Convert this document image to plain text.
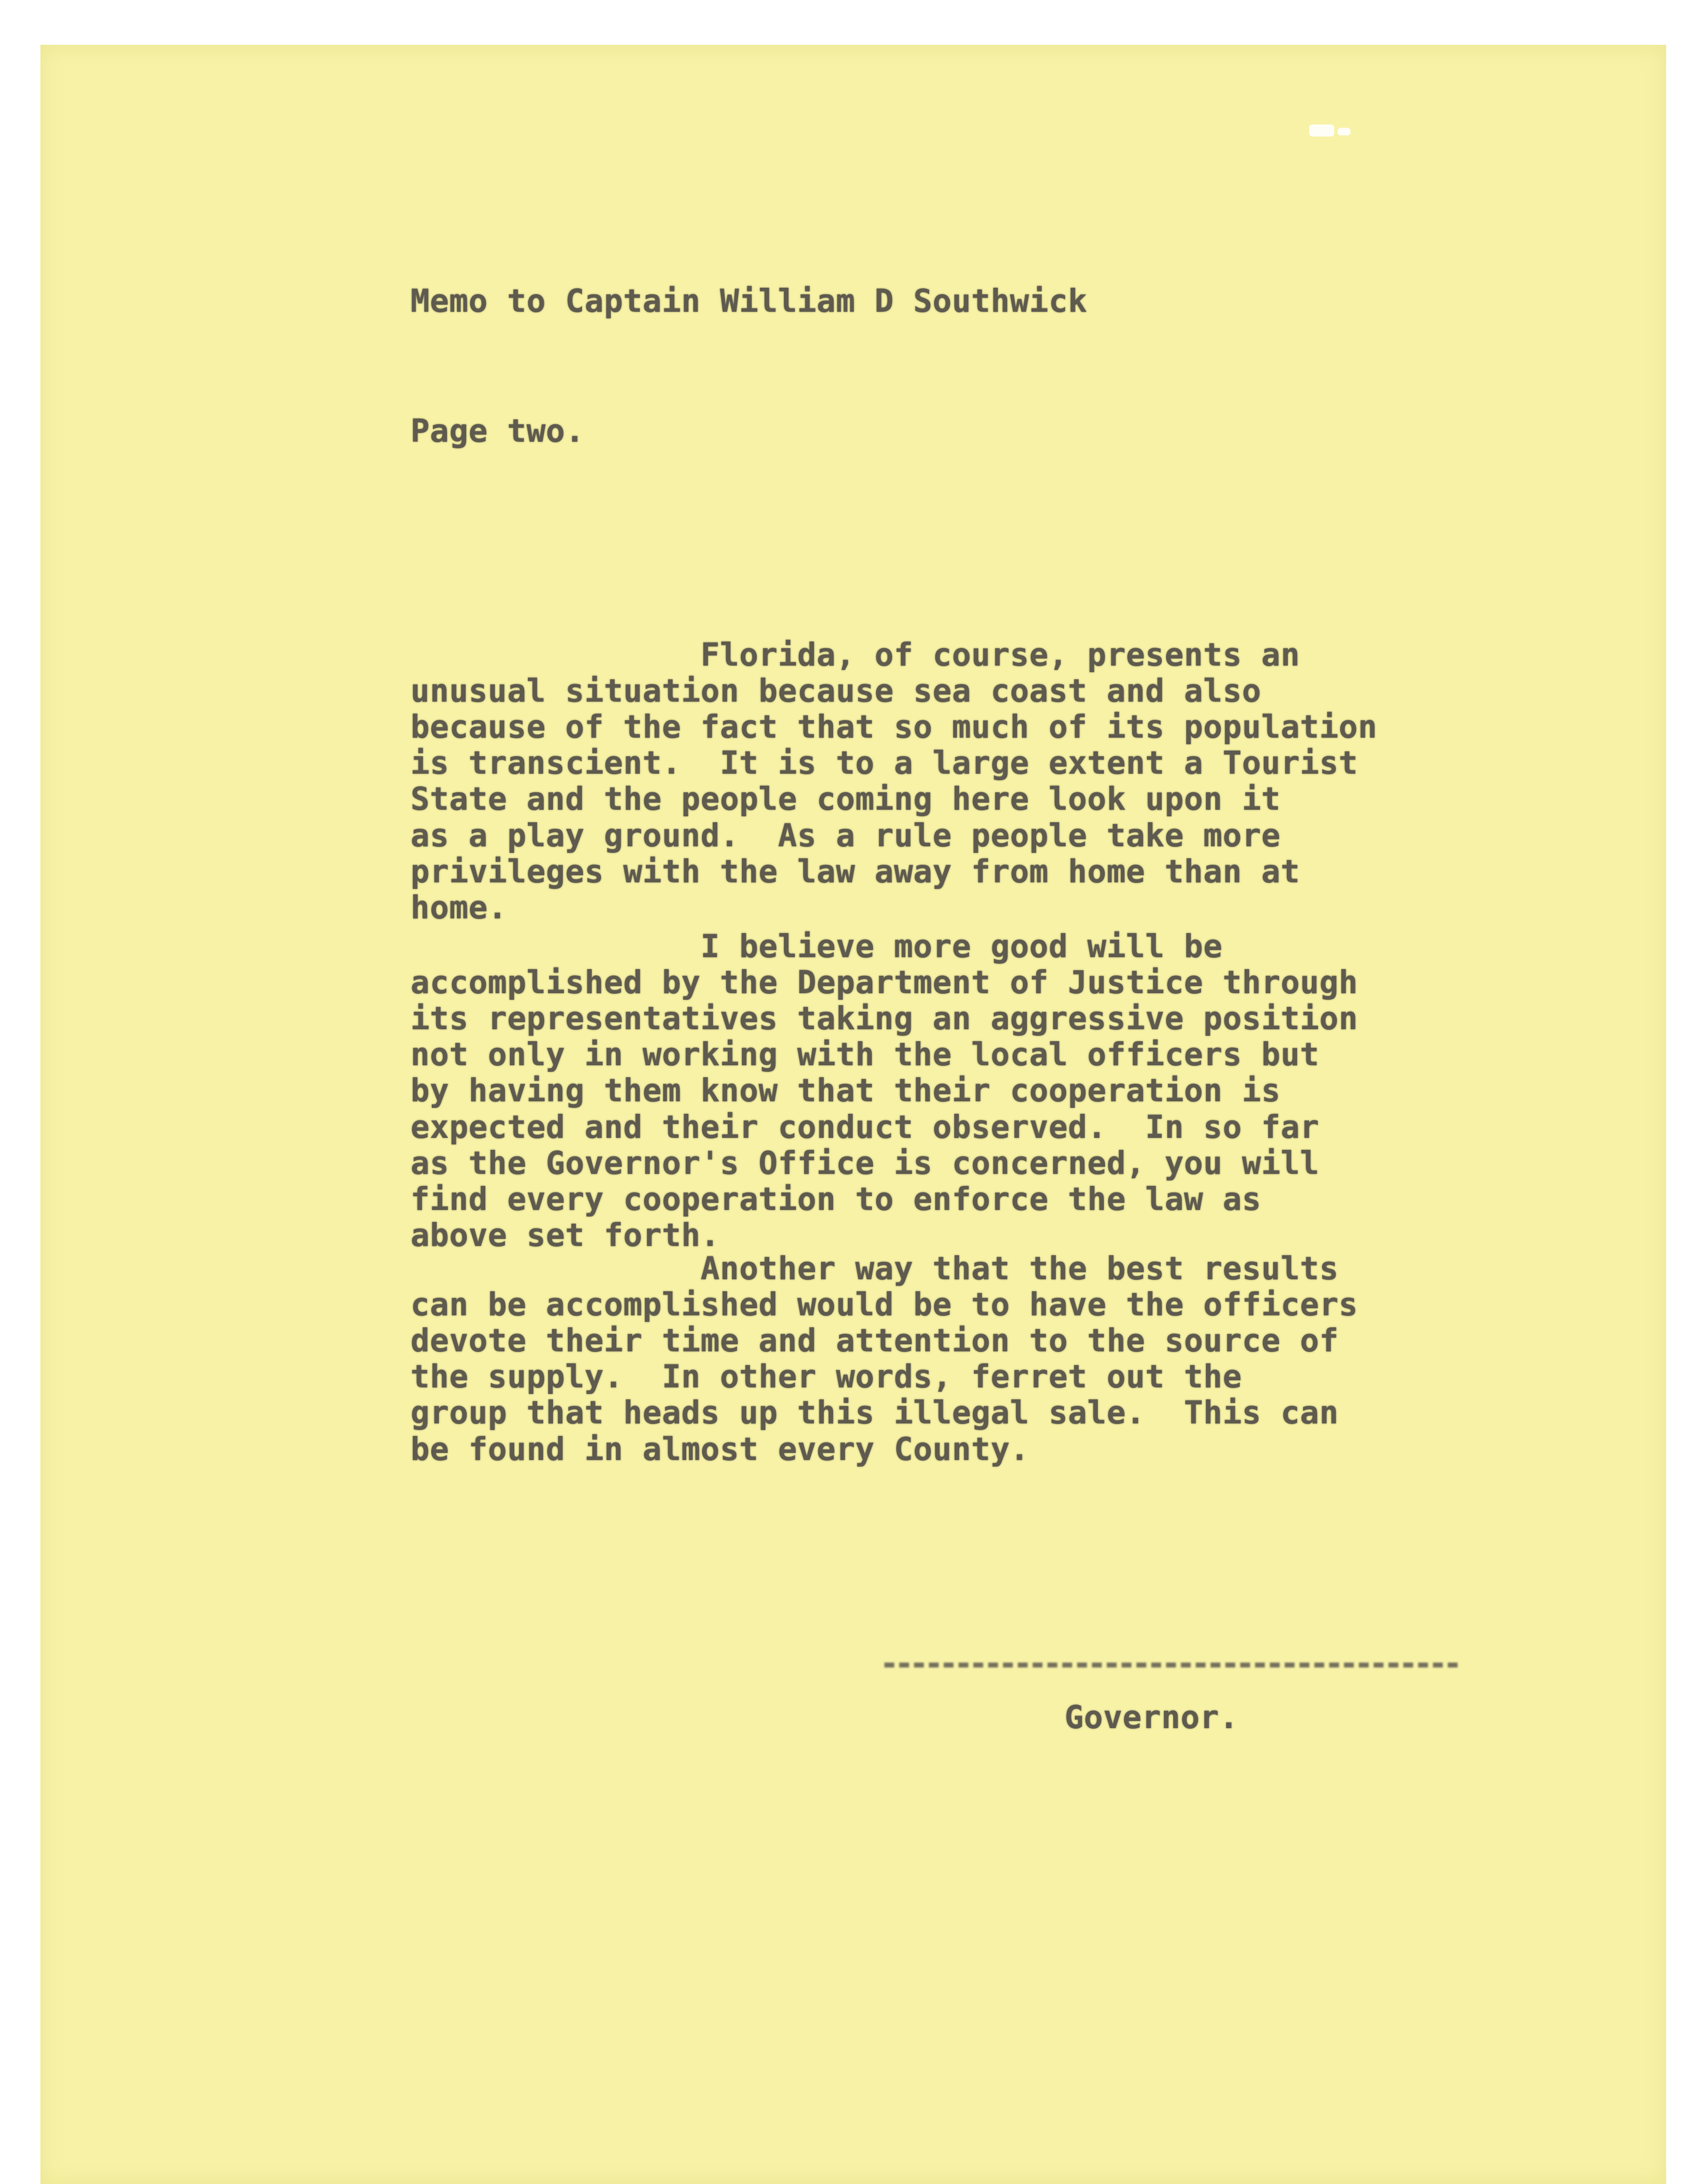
Memo to Captain William D Southwick

Page two.

Florida, of course, presents an

unusual situation because sea coast and also

because of the fact that so much of its population

is transcient.  It is to a large extent a Tourist

State and the people coming here look upon it

as a play ground.  As a rule people take more

privileges with the law away from home than at

home.

I believe more good will be

accomplished by the Department of Justice through

its representatives taking an aggressive position

not only in working with the local officers but

by having them know that their cooperation is

expected and their conduct observed.  In so far

as the Governor's Office is concerned, you will

find every cooperation to enforce the law as

above set forth.

Another way that the best results

can be accomplished would be to have the officers

devote their time and attention to the source of

the supply.  In other words, ferret out the

group that heads up this illegal sale.  This can

be found in almost every County.

Governor.
